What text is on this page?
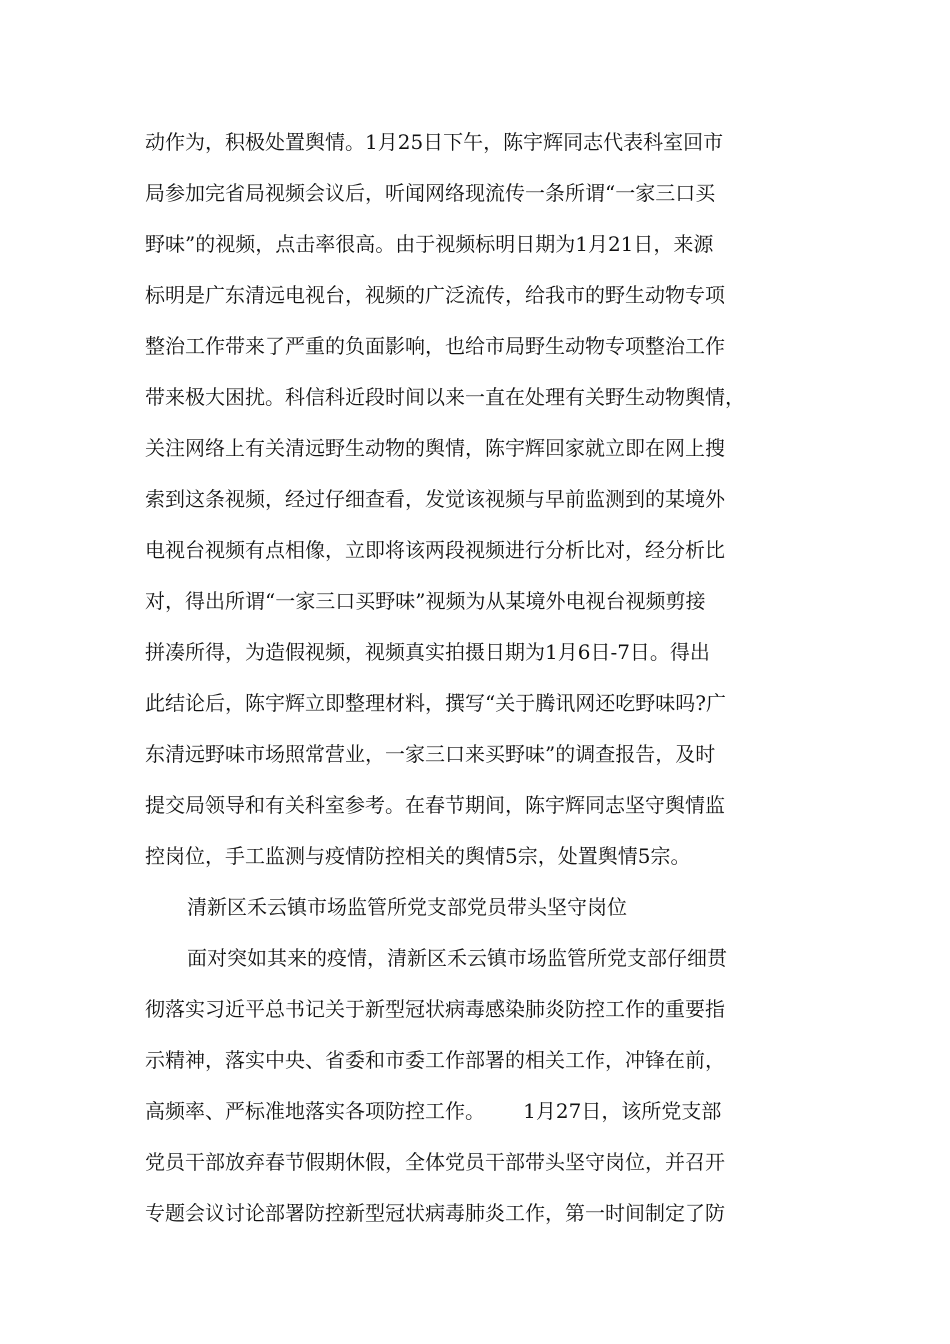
动作为，积极处置舆情。1月25日下午，陈宇辉同志代表科室回市
局参加完省局视频会议后，听闻网络现流传一条所谓“一家三口买
野味”的视频，点击率很高。由于视频标明日期为1月21日，来源
标明是广东清远电视台，视频的广泛流传，给我市的野生动物专项
整治工作带来了严重的负面影响，也给市局野生动物专项整治工作
带来极大困扰。科信科近段时间以来一直在处理有关野生动物舆情，
关注网络上有关清远野生动物的舆情，陈宇辉回家就立即在网上搜
索到这条视频，经过仔细查看，发觉该视频与早前监测到的某境外
电视台视频有点相像，立即将该两段视频进行分析比对，经分析比
对，得出所谓“一家三口买野味”视频为从某境外电视台视频剪接
拼凑所得，为造假视频，视频真实拍摄日期为1月6日-7日。得出
此结论后，陈宇辉立即整理材料，撰写“关于腾讯网还吃野味吗?广
东清远野味市场照常营业，一家三口来买野味”的调查报告，及时
提交局领导和有关科室参考。在春节期间，陈宇辉同志坚守舆情监
控岗位，手工监测与疫情防控相关的舆情5宗，处置舆情5宗。
清新区禾云镇市场监管所党支部党员带头坚守岗位
面对突如其来的疫情，清新区禾云镇市场监管所党支部仔细贯
彻落实习近平总书记关于新型冠状病毒感染肺炎防控工作的重要指
示精神，落实中央、省委和市委工作部署的相关工作，冲锋在前，
高频率、严标准地落实各项防控工作。      1月27日，该所党支部
党员干部放弃春节假期休假，全体党员干部带头坚守岗位，并召开
专题会议讨论部署防控新型冠状病毒肺炎工作，第一时间制定了防
